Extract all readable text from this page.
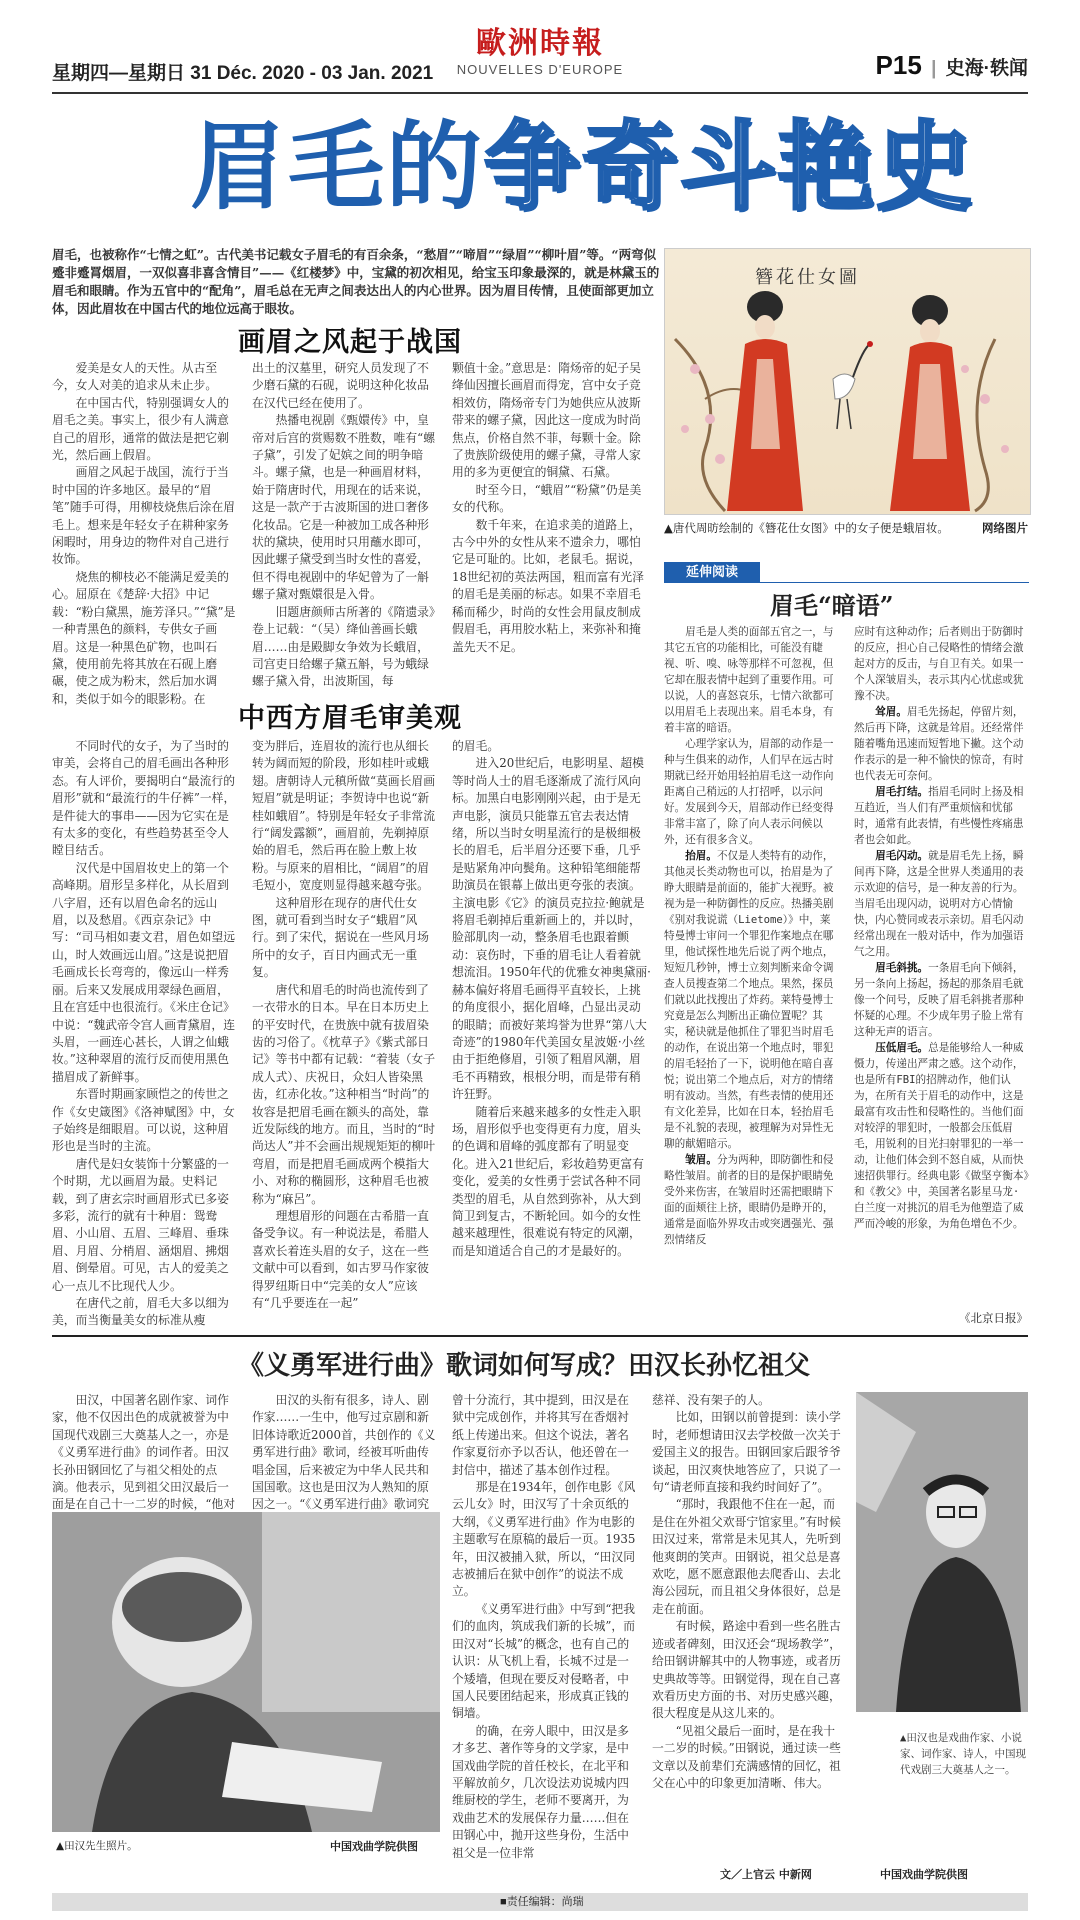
星期四—星期日 31 Déc. 2020 - 03 Jan. 2021
歐洲時報
NOUVELLES D'EUROPE	P15 | 史海·轶闻
眉毛的争奇斗艳史
眉毛，也被称作“七情之虹”。古代美书记载女子眉毛的有百余条，“愁眉”“啼眉”“绿眉”“柳叶眉”等。“两弯似蹙非蹙罥烟眉，一双似喜非喜含情目”——《红楼梦》中，宝黛的初次相见，给宝玉印象最深的，就是林黛玉的眉毛和眼睛。作为五官中的“配角”，眉毛总在无声之间表达出人的内心世界。因为眉目传情，且使面部更加立体，因此眉妆在中国古代的地位远高于眼妆。
画眉之风起于战国

爱美是女人的天性。从古至今，女人对美的追求从未止步。

在中国古代，特别强调女人的眉毛之美。事实上，很少有人满意自己的眉形，通常的做法是把它剃光，然后画上假眉。

画眉之风起于战国，流行于当时中国的许多地区。最早的“眉笔”随手可得，用柳枝烧焦后涂在眉毛上。想来是年轻女子在耕种家务闲暇时，用身边的物件对自己进行妆饰。

烧焦的柳枝必不能满足爱美的心。屈原在《楚辞·大招》中记载：“粉白黛黑，施芳泽只。”“黛”是一种青黑色的颜料，专供女子画眉。这是一种黑色矿物，也叫石黛，使用前先将其放在石砚上磨碾，使之成为粉末，然后加水调和，类似于如今的眼影粉。在

出土的汉墓里，研究人员发现了不少磨石黛的石砚，说明这种化妆品在汉代已经在使用了。

热播电视剧《甄嬛传》中，皇帝对后宫的赏赐数不胜数，唯有“螺子黛”，引发了妃嫔之间的明争暗斗。螺子黛，也是一种画眉材料，始于隋唐时代，用现在的话来说，这是一款产于古波斯国的进口奢侈化妆品。它是一种被加工成各种形状的黛块，使用时只用蘸水即可，因此螺子黛受到当时女性的喜爱，但不得电视剧中的华妃曾为了一斛螺子黛对甄嬛很是入骨。

旧题唐颜师古所著的《隋遗录》卷上记载：“（吴）绛仙善画长蛾眉……由是殿脚女争效为长蛾眉，司宫吏日给螺子黛五斛，号为蛾绿螺子黛入骨，出波斯国，每

颗值十金。”意思是：隋炀帝的妃子吴绛仙因擅长画眉而得宠，宫中女子竞相效仿，隋炀帝专门为她供应从波斯带来的螺子黛，因此这一度成为时尚焦点，价格自然不菲，每颗十金。除了贵族阶级使用的螺子黛，寻常人家用的多为更便宜的铜黛、石黛。

时至今日，“蛾眉”“粉黛”仍是美女的代称。

数千年来，在追求美的道路上，古今中外的女性从来不遗余力，哪怕它是可耻的。比如，老鼠毛。据说，18世纪初的英法两国，粗而富有光泽的眉毛是美丽的标志。如果不幸眉毛稀而稀少，时尚的女性会用鼠皮制成假眉毛，再用胶水粘上，来弥补和掩盖先天不足。

中西方眉毛审美观

不同时代的女子，为了当时的审美，会将自己的眉毛画出各种形态。有人评价，要揭明白“最流行的眉形”就和“最流行的牛仔裤”一样，是件徒大的事串——因为它实在是有太多的变化，有些趋势甚至令人瞠目结舌。

汉代是中国眉妆史上的第一个高峰期。眉形呈多样化，从长眉到八字眉，还有以眉色命名的远山眉，以及愁眉。《西京杂记》中写：“司马相如妻文君，眉色如望远山，时人效画远山眉。”这是说把眉毛画成长长弯弯的，像远山一样秀丽。后来又发展成用翠绿色画眉，且在宫廷中也很流行。《米庄仓记》中说：“魏武帝令宫人画青黛眉，连头眉，一画连心甚长，人谓之仙蛾妆。”这种翠眉的流行反而使用黑色描眉成了新鲜事。

东晋时期画家顾恺之的传世之作《女史箴图》《洛神赋图》中，女子始终是细眼眉。可以说，这种眉形也是当时的主流。

唐代是妇女装饰十分繁盛的一个时期，尤以画眉为最。史料记载，到了唐玄宗时画眉形式已多姿多彩，流行的就有十种眉：鸳鸯眉、小山眉、五眉、三峰眉、垂珠眉、月眉、分梢眉、涵烟眉、拂烟眉、倒晕眉。可见，古人的爱美之心一点儿不比现代人少。

在唐代之前，眉毛大多以细为美，而当衡量美女的标准从瘦

变为胖后，连眉妆的流行也从细长转为阔而短的阶段，形如桂叶或蛾翅。唐朝诗人元稹所做“莫画长眉画短眉”就是明证；李贺诗中也说“新桂如蛾眉”。特别是年轻女子非常流行“阔发露额”，画眉前，先剃掉原始的眉毛，然后再在脸上敷上妆粉。与原来的眉相比，“阔眉”的眉毛短小，宽度则显得越来越夸张。

这种眉形在现存的唐代仕女图，就可看到当时女子“蛾眉”风行。到了宋代，据说在一些风月场所中的女子，百日内画式无一重复。

唐代和眉毛的时尚也流传到了一衣带水的日本。早在日本历史上的平安时代，在贵族中就有拔眉染齿的习俗了。《枕草子》《紫式部日记》等书中都有记载：“着装（女子成人式）、庆祝日，众妇人皆染黑齿，红赤化妆。”这种相当“时尚”的妆容是把眉毛画在额头的高处，靠近发际线的地方。而且，当时的“时尚达人”并不会画出规规矩矩的柳叶弯眉，而是把眉毛画成两个模指大小、对称的椭圆形，这种眉毛也被称为“麻呂”。

理想眉形的问题在古希腊一直备受争议。有一种说法是，希腊人喜欢长着连头眉的女子，这在一些文献中可以看到，如古罗马作家彼得罗纽斯日中“完美的女人”应该有“几乎要连在一起”

的眉毛。

进入20世纪后，电影明星、超模等时尚人士的眉毛逐渐成了流行风向标。加黑白电影刚刚兴起，由于是无声电影，演员只能靠五官去表达情绪，所以当时女明星流行的是极细极长的眉毛，后半眉分还要下垂，几乎是贴紧角冲向鬓角。这种铅笔细能帮助演员在银幕上做出更夸张的表演。主演电影《它》的演员克拉拉·鲍就是将眉毛剃掉后重新画上的，并以时，脸部肌肉一动，整条眉毛也跟着颤动：哀伤时，下垂的眉毛让人看着就想流泪。1950年代的优雅女神奥黛丽·赫本偏好将眉毛画得平直较长，上挑的角度很小，据化眉峰，凸显出灵动的眼睛；而被好莱坞誉为世界“第八大奇迹”的1980年代美国女星波姬·小丝由于拒绝修眉，引领了粗眉风潮，眉毛不再精致，根根分明，而是带有稍许狂野。

随着后来越来越多的女性走入职场，眉形似乎也变得更有力度，眉头的色调和眉峰的弧度都有了明显变化。进入21世纪后，彩妆趋势更富有变化，爱美的女性勇于尝试各种不同类型的眉毛，从自然到弥补，从大到简卫到复古，不断轮回。如今的女性越来越理性，很难说有特定的风潮，而是知道适合自己的才是最好的。

簪花仕女圖
▲唐代周昉绘制的《簪花仕女图》中的女子便是蛾眉妆。	网络图片
延伸阅读
眉毛“暗语”

眉毛是人类的面部五官之一，与其它五官的功能相比，可能没有睫视、听、嗅、咏等那样不可忽视，但它却在服表情中起到了重要作用。可以说，人的喜怒哀乐，七情六欲都可以用眉毛上表现出来。眉毛本身，有着丰富的暗语。

心理学家认为，眉部的动作是一种与生俱来的动作，人们早在远古时期就已经开始用轻拍眉毛这一动作向距离自己稍远的人打招呼，以示问好。发展到今天，眉部动作已经变得非常丰富了，除了向人表示问候以外，还有很多含义。

抬眉。不仅是人类特有的动作，其他灵长类动物也可以，抬眉是为了睁大眼睛是前面的，能扩大视野。被视为是一种防御性的反应。热播美剧《别对我说谎（Lietome）》中，莱特曼博士审问一个罪犯作案地点在哪里，他试探性地先后说了两个地点，短短几秒钟，博士立刻判断来命令调查人员搜查第二个地点。果然，探员们就以此找搜出了炸药。莱特曼博士究竟是怎么判断出正确位置呢？其实，秘诀就是他抓住了罪犯当时眉毛的动作，在说出第一个地点时，罪犯的眉毛轻抬了一下，说明他在暗自喜悦；说出第二个地点后，对方的情绪明有波动。当然，有些表情的使用还有文化差异，比如在日本，轻抬眉毛是不礼貌的表现，被理解为对异性无聊的献媚暗示。

皱眉。分为两种，即防御性和侵略性皱眉。前者的目的是保护眼睛免受外来伤害，在皱眉时还需把眼睛下面的面颊往上挤，眼睛仍是睁开的，通常是面临外界攻击或突遇强光、强烈情绪反

应时有这种动作；后者则出于防御时的反应，担心自己侵略性的情绪会激起对方的反击，与自卫有关。如果一个人深皱眉头，表示其内心忧虑或犹豫不决。

耸眉。眉毛先扬起，停留片刻，然后再下降，这就是耸眉。还经常伴随着嘴角迅速而短暂地下撇。这个动作表示的是一种不愉快的惊奇，有时也代表无可奈何。

眉毛打结。指眉毛同时上扬及相互趋近，当人们有严重烦恼和忧郁时，通常有此表情，有些慢性疼痛患者也会如此。

眉毛闪动。就是眉毛先上扬，瞬间再下降，这是全世界人类通用的表示欢迎的信号，是一种友善的行为。当眉毛出现闪动，说明对方心情愉快，内心赞同或表示亲切。眉毛闪动经常出现在一般对话中，作为加强语气之用。

眉毛斜挑。一条眉毛向下倾斜，另一条向上扬起，扬起的那条眉毛就像一个问号，反映了眉毛斜挑者那种怀疑的心理。不少成年男子脸上常有这种无声的语言。

压低眉毛。总是能够给人一种威慑力，传递出严肃之感。这个动作，也是所有FBI的招牌动作，他们认为，在所有关于眉毛的动作中，这是最富有攻击性和侵略性的。当他们面对较浮的罪犯时，一般都会压低眉毛，用锐利的目光扫射罪犯的一举一动，让他们体会到不怒自威，从而快速招供罪行。经典电影《做坚亨衡本》和《教父》中，美国著名影星马龙·白兰度一对挑沉的眉毛为他塑造了威严而冷峻的形象，为角色增色不少。

《北京日报》
《义勇军进行曲》歌词如何写成？田汉长孙忆祖父
田汉，中国著名剧作家、词作家，他不仅因出色的成就被誉为中国现代戏剧三大奠基人之一，亦是《义勇军进行曲》的词作者。田汉长孙田钢回忆了与祖父相处的点滴。他表示，见到祖父田汉最后一面是在自己十一二岁的时候，“他对
田汉的头衔有很多，诗人、剧作家……一生中，他写过京剧和新旧体诗歌近2000首，共创作的《义勇军进行曲》歌词，经被耳听曲传唱金国，后来被定为中华人民共和国国歌。这也是田汉为人熟知的原因之一。“《义勇军进行曲》歌词究

曾十分流行，其中提到，田汉是在狱中完成创作，并将其写在香烟衬纸上传递出来。但这个说法，著名作家夏衍亦予以否认，他还曾在一封信中，描述了基本创作过程。

那是在1934年，创作电影《风云儿女》时，田汉写了十余页纸的大纲，《义勇军进行曲》作为电影的主题歌写在原稿的最后一页。1935年，田汉被捕入狱，所以，“田汉同志被捕后在狱中创作”的说法不成立。

《义勇军进行曲》中写到“把我们的血肉，筑成我们新的长城”，而田汉对“长城”的概念，也有自己的认识：从飞机上看，长城不过是一个矮墙，但现在要反对侵略者，中国人民要团结起来，形成真正钱的铜墙。

的确，在旁人眼中，田汉是多才多艺、著作等身的文学家，是中国戏曲学院的首任校长，在北平和平解放前夕，几次设法劝说城内四维厨校的学生，老师不要离开，为戏曲艺术的发展保存力量……但在田钢心中，抛开这些身份，生活中祖父是一位非常

慈祥、没有架子的人。

比如，田钢以前曾提到：读小学时，老师想请田汉去学校做一次关于爱国主义的报告。田钢回家后跟爷爷谈起，田汉爽快地答应了，只说了一句“请老师直接和我约时间好了”。

“那时，我跟他不住在一起，而是住在外祖父欢哥宁馆家里。”有时候田汉过来，常常是未见其人，先听到他爽朗的笑声。田钢说，祖父总是喜欢吃，愿不愿意跟他去爬香山、去北海公园玩，而且祖父身体很好，总是走在前面。

有时候，路途中看到一些名胜古迹或者碑刻，田汉还会“现场教学”，给田钢讲解其中的人物事迹，或者历史典故等等。田钢觉得，现在自己喜欢看历史方面的书、对历史感兴趣，很大程度是从这儿来的。

“见祖父最后一面时，是在我十一二岁的时候。”田钢说，通过读一些文章以及前辈们充满感情的回忆，祖父在心中的印象更加清晰、伟大。

▲田汉先生照片。	中国戏曲学院供图
文／上官云 中新网
▲田汉也是戏曲作家、小说家、词作家、诗人，中国现代戏剧三大奠基人之一。
中国戏曲学院供图
■责任编辑：尚瑞
